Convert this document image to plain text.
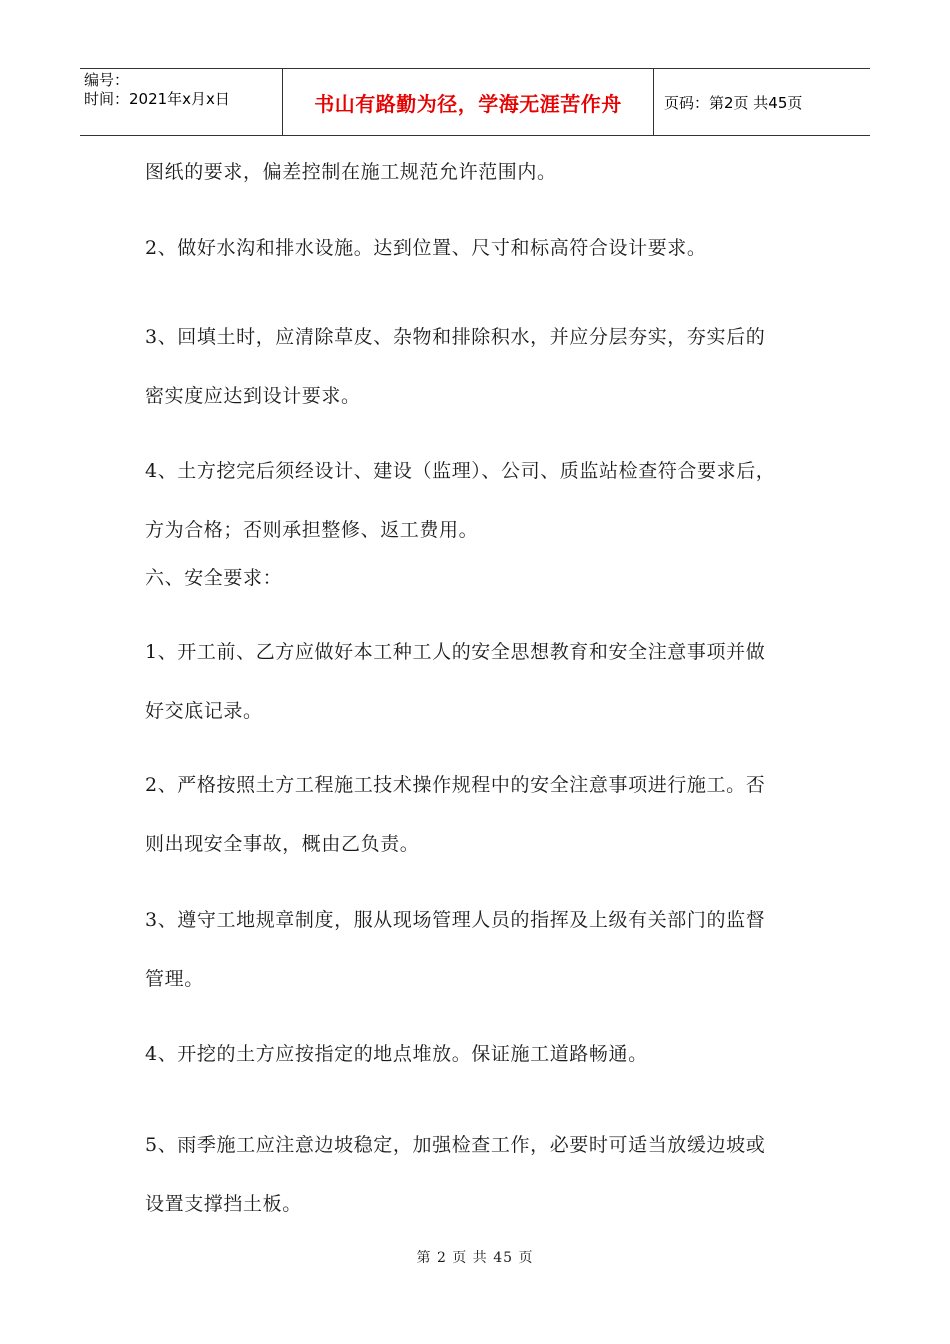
编号：
时间：2021年x月x日	书山有路勤为径，学海无涯苦作舟	页码：第2页 共45页
图纸的要求，偏差控制在施工规范允许范围内。
2、做好水沟和排水设施。达到位置、尺寸和标高符合设计要求。
3、回填土时，应清除草皮、杂物和排除积水，并应分层夯实，夯实后的
密实度应达到设计要求。
4、土方挖完后须经设计、建设（监理）、公司、质监站检查符合要求后，
方为合格；否则承担整修、返工费用。
六、安全要求：
1、开工前、乙方应做好本工种工人的安全思想教育和安全注意事项并做
好交底记录。
2、严格按照土方工程施工技术操作规程中的安全注意事项进行施工。否
则出现安全事故，概由乙负责。
3、遵守工地规章制度，服从现场管理人员的指挥及上级有关部门的监督
管理。
4、开挖的土方应按指定的地点堆放。保证施工道路畅通。
5、雨季施工应注意边坡稳定，加强检查工作，必要时可适当放缓边坡或
设置支撑挡土板。
第 2 页 共 45 页
